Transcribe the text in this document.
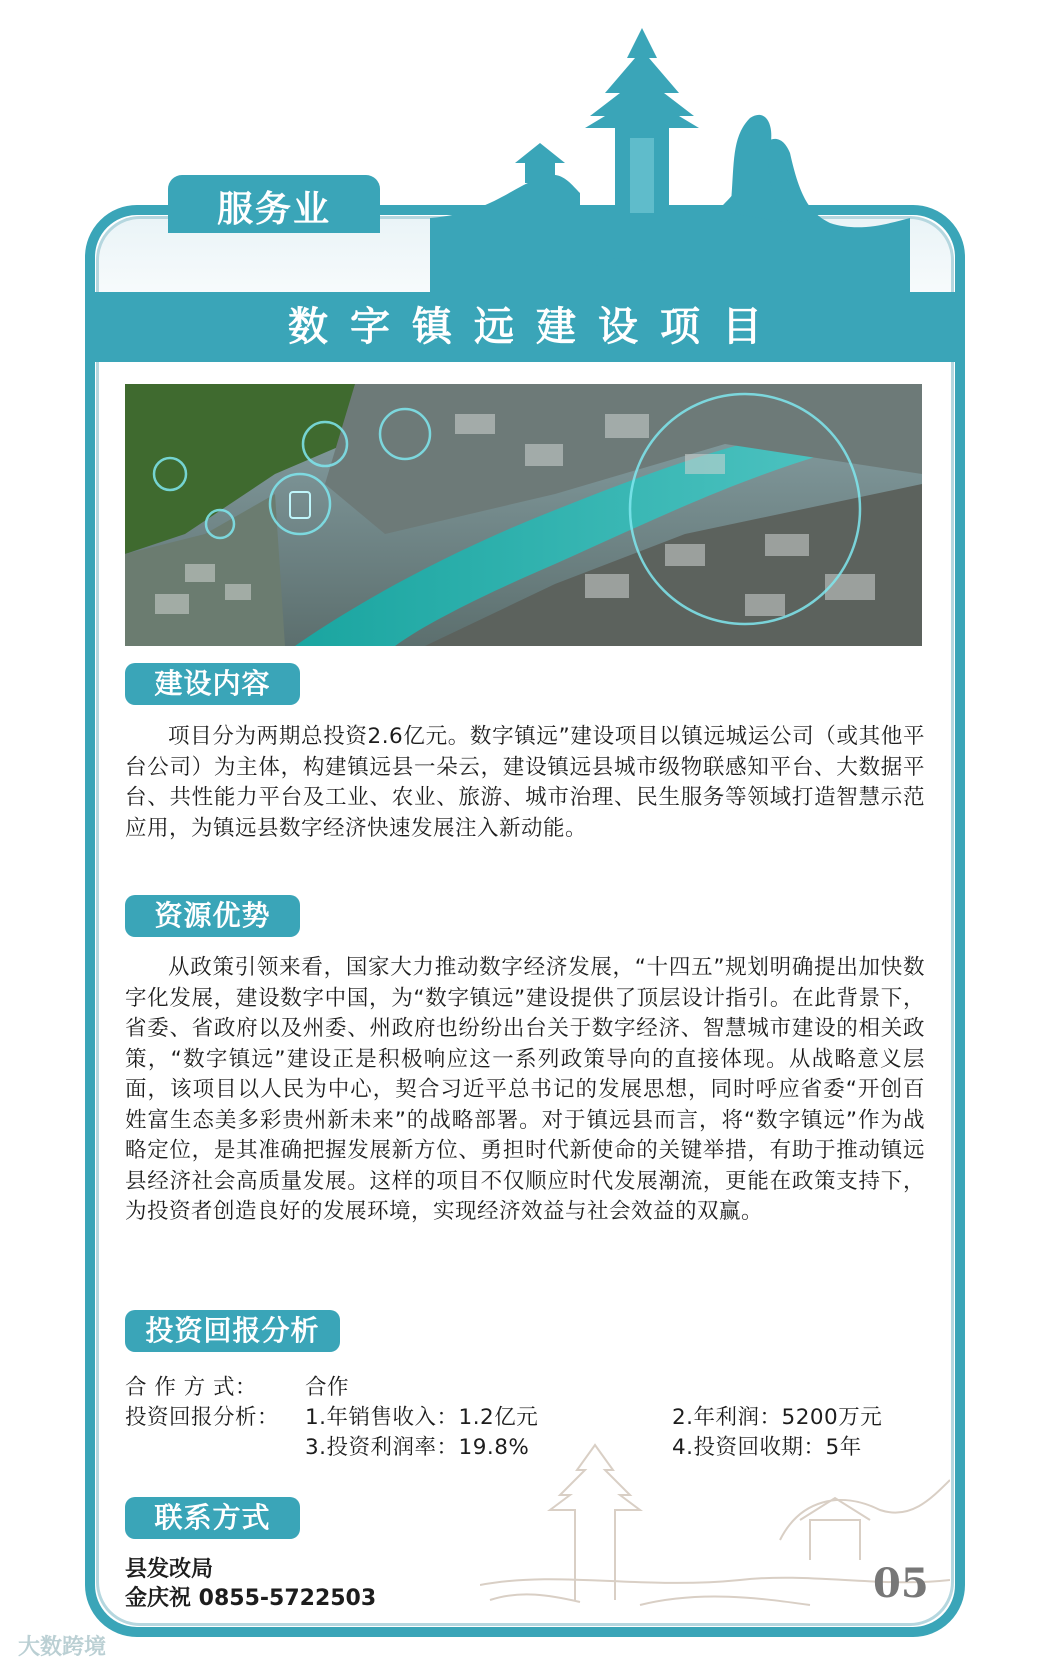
服务业
数字镇远建设项目
建设内容

项目分为两期总投资2.6亿元。数字镇远”建设项目以镇远城运公司（或其他平台公司）为主体，构建镇远县一朵云，建设镇远县城市级物联感知平台、大数据平台、共性能力平台及工业、农业、旅游、城市治理、民生服务等领域打造智慧示范应用，为镇远县数字经济快速发展注入新动能。

资源优势

从政策引领来看，国家大力推动数字经济发展，“十四五”规划明确提出加快数字化发展，建设数字中国，为“数字镇远”建设提供了顶层设计指引。在此背景下，省委、省政府以及州委、州政府也纷纷出台关于数字经济、智慧城市建设的相关政策，“数字镇远”建设正是积极响应这一系列政策导向的直接体现。从战略意义层面，该项目以人民为中心，契合习近平总书记的发展思想，同时呼应省委“开创百姓富生态美多彩贵州新未来”的战略部署。对于镇远县而言，将“数字镇远”作为战略定位，是其准确把握发展新方位、勇担时代新使命的关键举措，有助于推动镇远县经济社会高质量发展。这样的项目不仅顺应时代发展潮流，更能在政策支持下，为投资者创造良好的发展环境，实现经济效益与社会效益的双赢。

投资回报分析
合 作 方 式： 合作
投资回报分析： 1.年销售收入：1.2亿元	2.年利润：5200万元
3.投资利润率：19.8%	4.投资回收期：5年
联系方式
县发改局
金庆祝 0855-5722503	05
大数跨境
